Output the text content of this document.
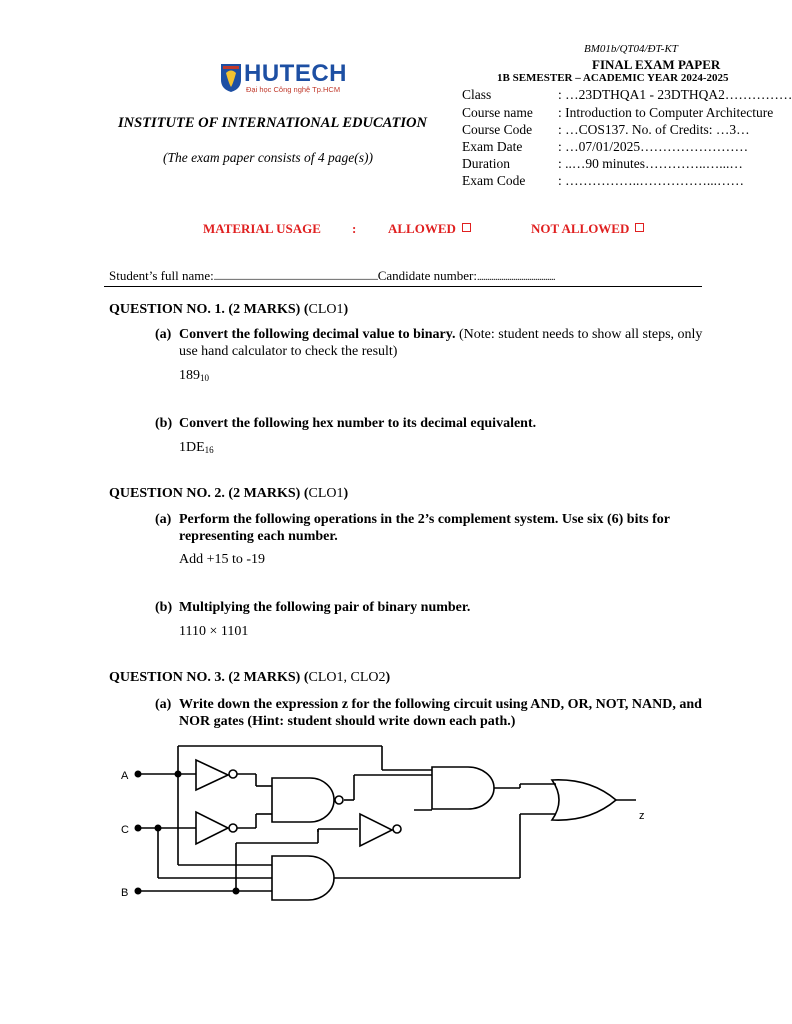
HUTECH
Đại học Công nghệ Tp.HCM
INSTITUTE OF INTERNATIONAL EDUCATION
(The exam paper consists of 4 page(s))
BM01b/QT04/ĐT-KT
FINAL EXAM PAPER
1B SEMESTER – ACADEMIC YEAR 2024-2025
Class	: …23DTHQA1 - 23DTHQA2……………
Course name : Introduction to Computer Architecture
Course Code : …COS137. No. of Credits: …3…
Exam Date	: …07/01/2025……………………
Duration	: ..…90 minutes…………..…...…
Exam Code : ……………..……………...……
MATERIAL USAGE : ALLOWED	NOT ALLOWED
Student’s full name:..................................................................................Candidate number:.......................................
QUESTION NO. 1. (2 MARKS) (CLO1)
(a) Convert the following decimal value to binary. (Note: student needs to show all steps, only use hand calculator to check the result)
$189_{10}$
(b) Convert the following hex number to its decimal equivalent.
$1DE_{16}$
QUESTION NO. 2. (2 MARKS) (CLO1)
(a) Perform the following operations in the 2’s complement system. Use six (6) bits for representing each number.
Add +15 to -19
(b) Multiplying the following pair of binary number.
1110 × 1101
QUESTION NO. 3. (2 MARKS) (CLO1, CLO2)
(a) Write down the expression z for the following circuit using AND, OR, NOT, NAND, and NOR gates (Hint: student should write down each path.)
A
C
B
z
